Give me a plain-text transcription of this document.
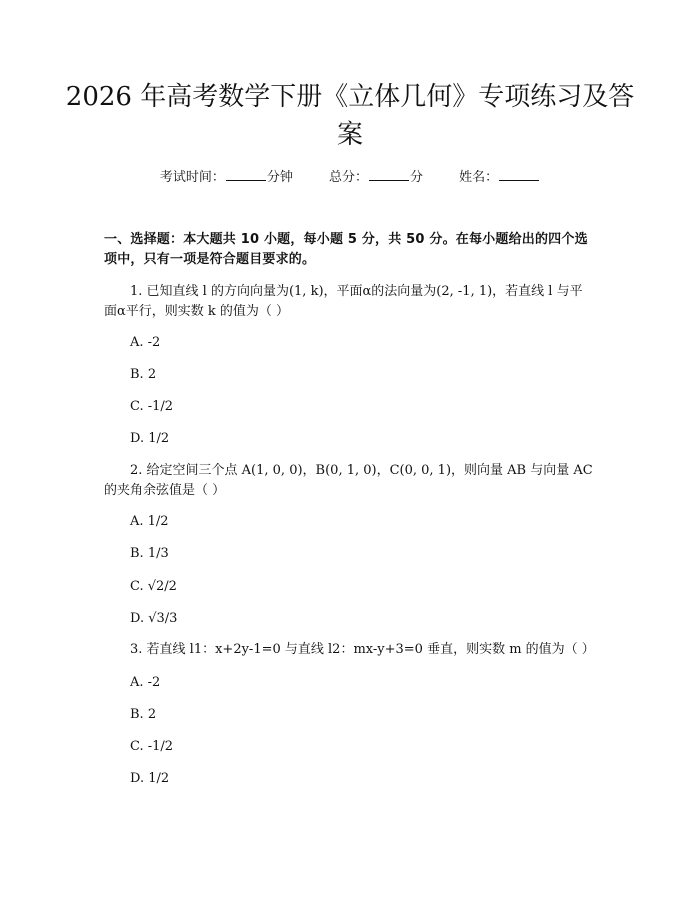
2026 年高考数学下册《立体几何》专项练习及答案
考试时间：	分钟	总分：	分	姓名：
一、选择题：本大题共 10 小题，每小题 5 分，共 50 分。在每小题给出的四个选项中，只有一项是符合题目要求的。
1. 已知直线 l 的方向向量为(1, k)，平面α的法向量为(2, -1, 1)，若直线 l 与平面α平行，则实数 k 的值为（ ）
A. -2
B. 2
C. -1/2
D. 1/2
2. 给定空间三个点 A(1, 0, 0)，B(0, 1, 0)，C(0, 0, 1)，则向量 AB 与向量 AC 的夹角余弦值是（ ）
A. 1/2
B. 1/3
C. √2/2
D. √3/3
3. 若直线 l1：x+2y-1=0 与直线 l2：mx-y+3=0 垂直，则实数 m 的值为（ ）
A. -2
B. 2
C. -1/2
D. 1/2
